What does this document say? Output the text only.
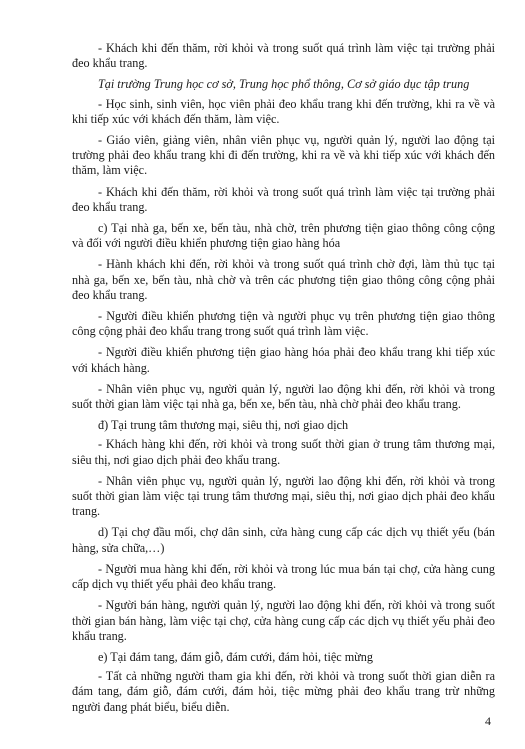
- Khách khi đến thăm, rời khỏi và trong suốt quá trình làm việc tại trường phải đeo khẩu trang.

Tại trường Trung học cơ sở, Trung học phổ thông, Cơ sở giáo dục tập trung

- Học sinh, sinh viên, học viên phải đeo khẩu trang khi đến trường, khi ra về và khi tiếp xúc với khách đến thăm, làm việc.

- Giáo viên, giảng viên, nhân viên phục vụ, người quản lý, người lao động tại trường phải đeo khẩu trang khi đi đến trường, khi ra về và khi tiếp xúc với khách đến thăm, làm việc.

- Khách khi đến thăm, rời khỏi và trong suốt quá trình làm việc tại trường phải đeo khẩu trang.

c) Tại nhà ga, bến xe, bến tàu, nhà chờ, trên phương tiện giao thông công cộng và đối với người điều khiển phương tiện giao hàng hóa

- Hành khách khi đến, rời khỏi và trong suốt quá trình chờ đợi, làm thủ tục tại nhà ga, bến xe, bến tàu, nhà chờ và trên các phương tiện giao thông công cộng phải đeo khẩu trang.

- Người điều khiển phương tiện và người phục vụ trên phương tiện giao thông công cộng phải đeo khẩu trang trong suốt quá trình làm việc.

- Người điều khiển phương tiện giao hàng hóa phải đeo khẩu trang khi tiếp xúc với khách hàng.

- Nhân viên phục vụ, người quản lý, người lao động khi đến, rời khỏi và trong suốt thời gian làm việc tại nhà ga, bến xe, bến tàu, nhà chờ phải đeo khẩu trang.

đ) Tại trung tâm thương mại, siêu thị, nơi giao dịch

- Khách hàng khi đến, rời khỏi và trong suốt thời gian ở trung tâm thương mại, siêu thị, nơi giao dịch phải đeo khẩu trang.

- Nhân viên phục vụ, người quản lý, người lao động khi đến, rời khỏi và trong suốt thời gian làm việc tại trung tâm thương mại, siêu thị, nơi giao dịch phải đeo khẩu trang.

d) Tại chợ đầu mối, chợ dân sinh, cửa hàng cung cấp các dịch vụ thiết yếu (bán hàng, sửa chữa,…)

- Người mua hàng khi đến, rời khỏi và trong lúc mua bán tại chợ, cửa hàng cung cấp dịch vụ thiết yếu phải đeo khẩu trang.

- Người bán hàng, người quản lý, người lao động khi đến, rời khỏi và trong suốt thời gian bán hàng, làm việc tại chợ, cửa hàng cung cấp các dịch vụ thiết yếu phải đeo khẩu trang.

e) Tại đám tang, đám giỗ, đám cưới, đám hỏi, tiệc mừng

- Tất cả những người tham gia khi đến, rời khỏi và trong suốt thời gian diễn ra đám tang, đám giỗ, đám cưới, đám hỏi, tiệc mừng phải đeo khẩu trang trừ những người đang phát biểu, biểu diễn.

4
